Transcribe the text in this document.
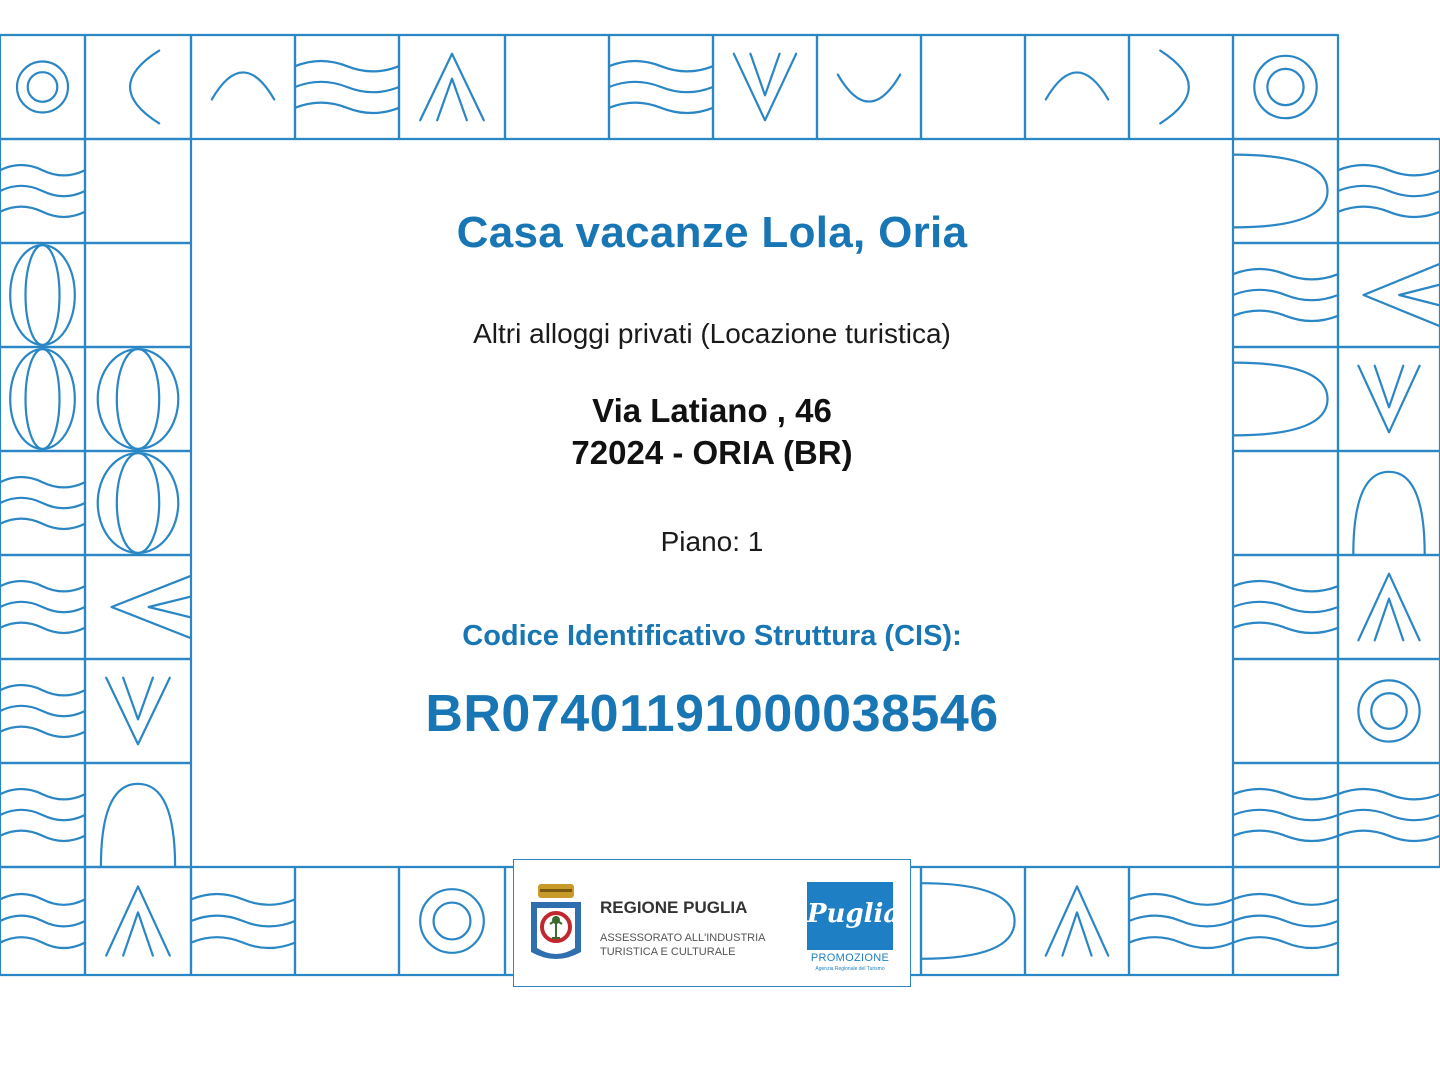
Casa vacanze Lola, Oria
Altri alloggi privati (Locazione turistica)
Via Latiano , 46
72024 - ORIA (BR)
Piano: 1
Codice Identificativo Struttura (CIS):
BR07401191000038546
REGIONE PUGLIA
ASSESSORATO ALL'INDUSTRIA
TURISTICA E CULTURALE
Puglia
PROMOZIONE
Agenzia Regionale del Turismo
